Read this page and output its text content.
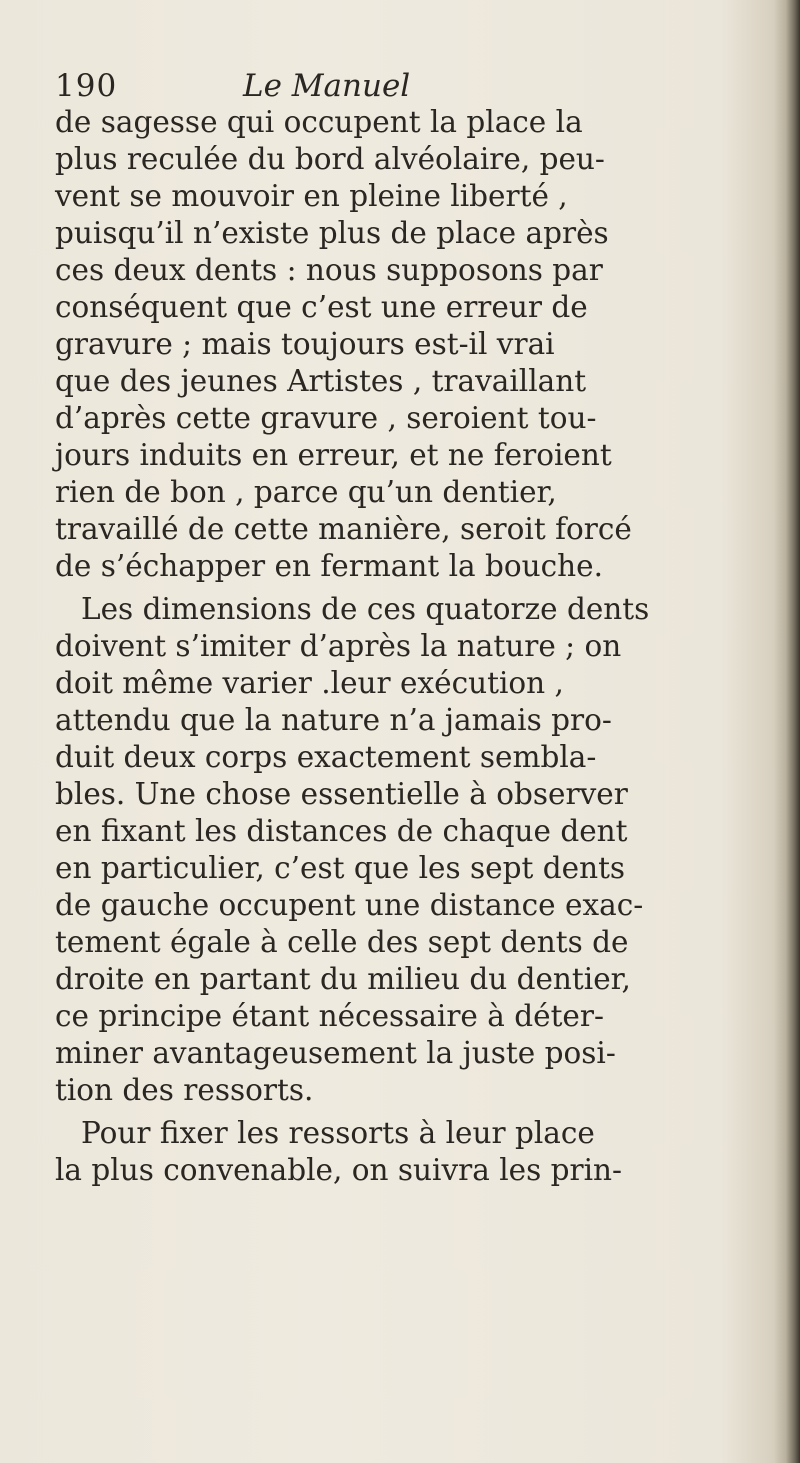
190	Le Manuel
de sagesse qui occupent la place la
plus reculée du bord alvéolaire, peu-
vent se mouvoir en pleine liberté ,
puisqu’il n’existe plus de place après
ces deux dents : nous supposons par
conséquent que c’est une erreur de
gravure ; mais toujours est-il vrai
que des jeunes Artistes , travaillant
d’après cette gravure , seroient tou-
jours induits en erreur, et ne feroient
rien de bon , parce qu’un dentier,
travaillé de cette manière, seroit forcé
de s’échapper en fermant la bouche.
Les dimensions de ces quatorze dents
doivent s’imiter d’après la nature ; on
doit même varier .leur exécution ,
attendu que la nature n’a jamais pro-
duit deux corps exactement sembla-
bles. Une chose essentielle à observer
en fixant les distances de chaque dent
en particulier, c’est que les sept dents
de gauche occupent une distance exac-
tement égale à celle des sept dents de
droite en partant du milieu du dentier,
ce principe étant nécessaire à déter-
miner avantageusement la juste posi-
tion des ressorts.
Pour fixer les ressorts à leur place
la plus convenable, on suivra les prin-
